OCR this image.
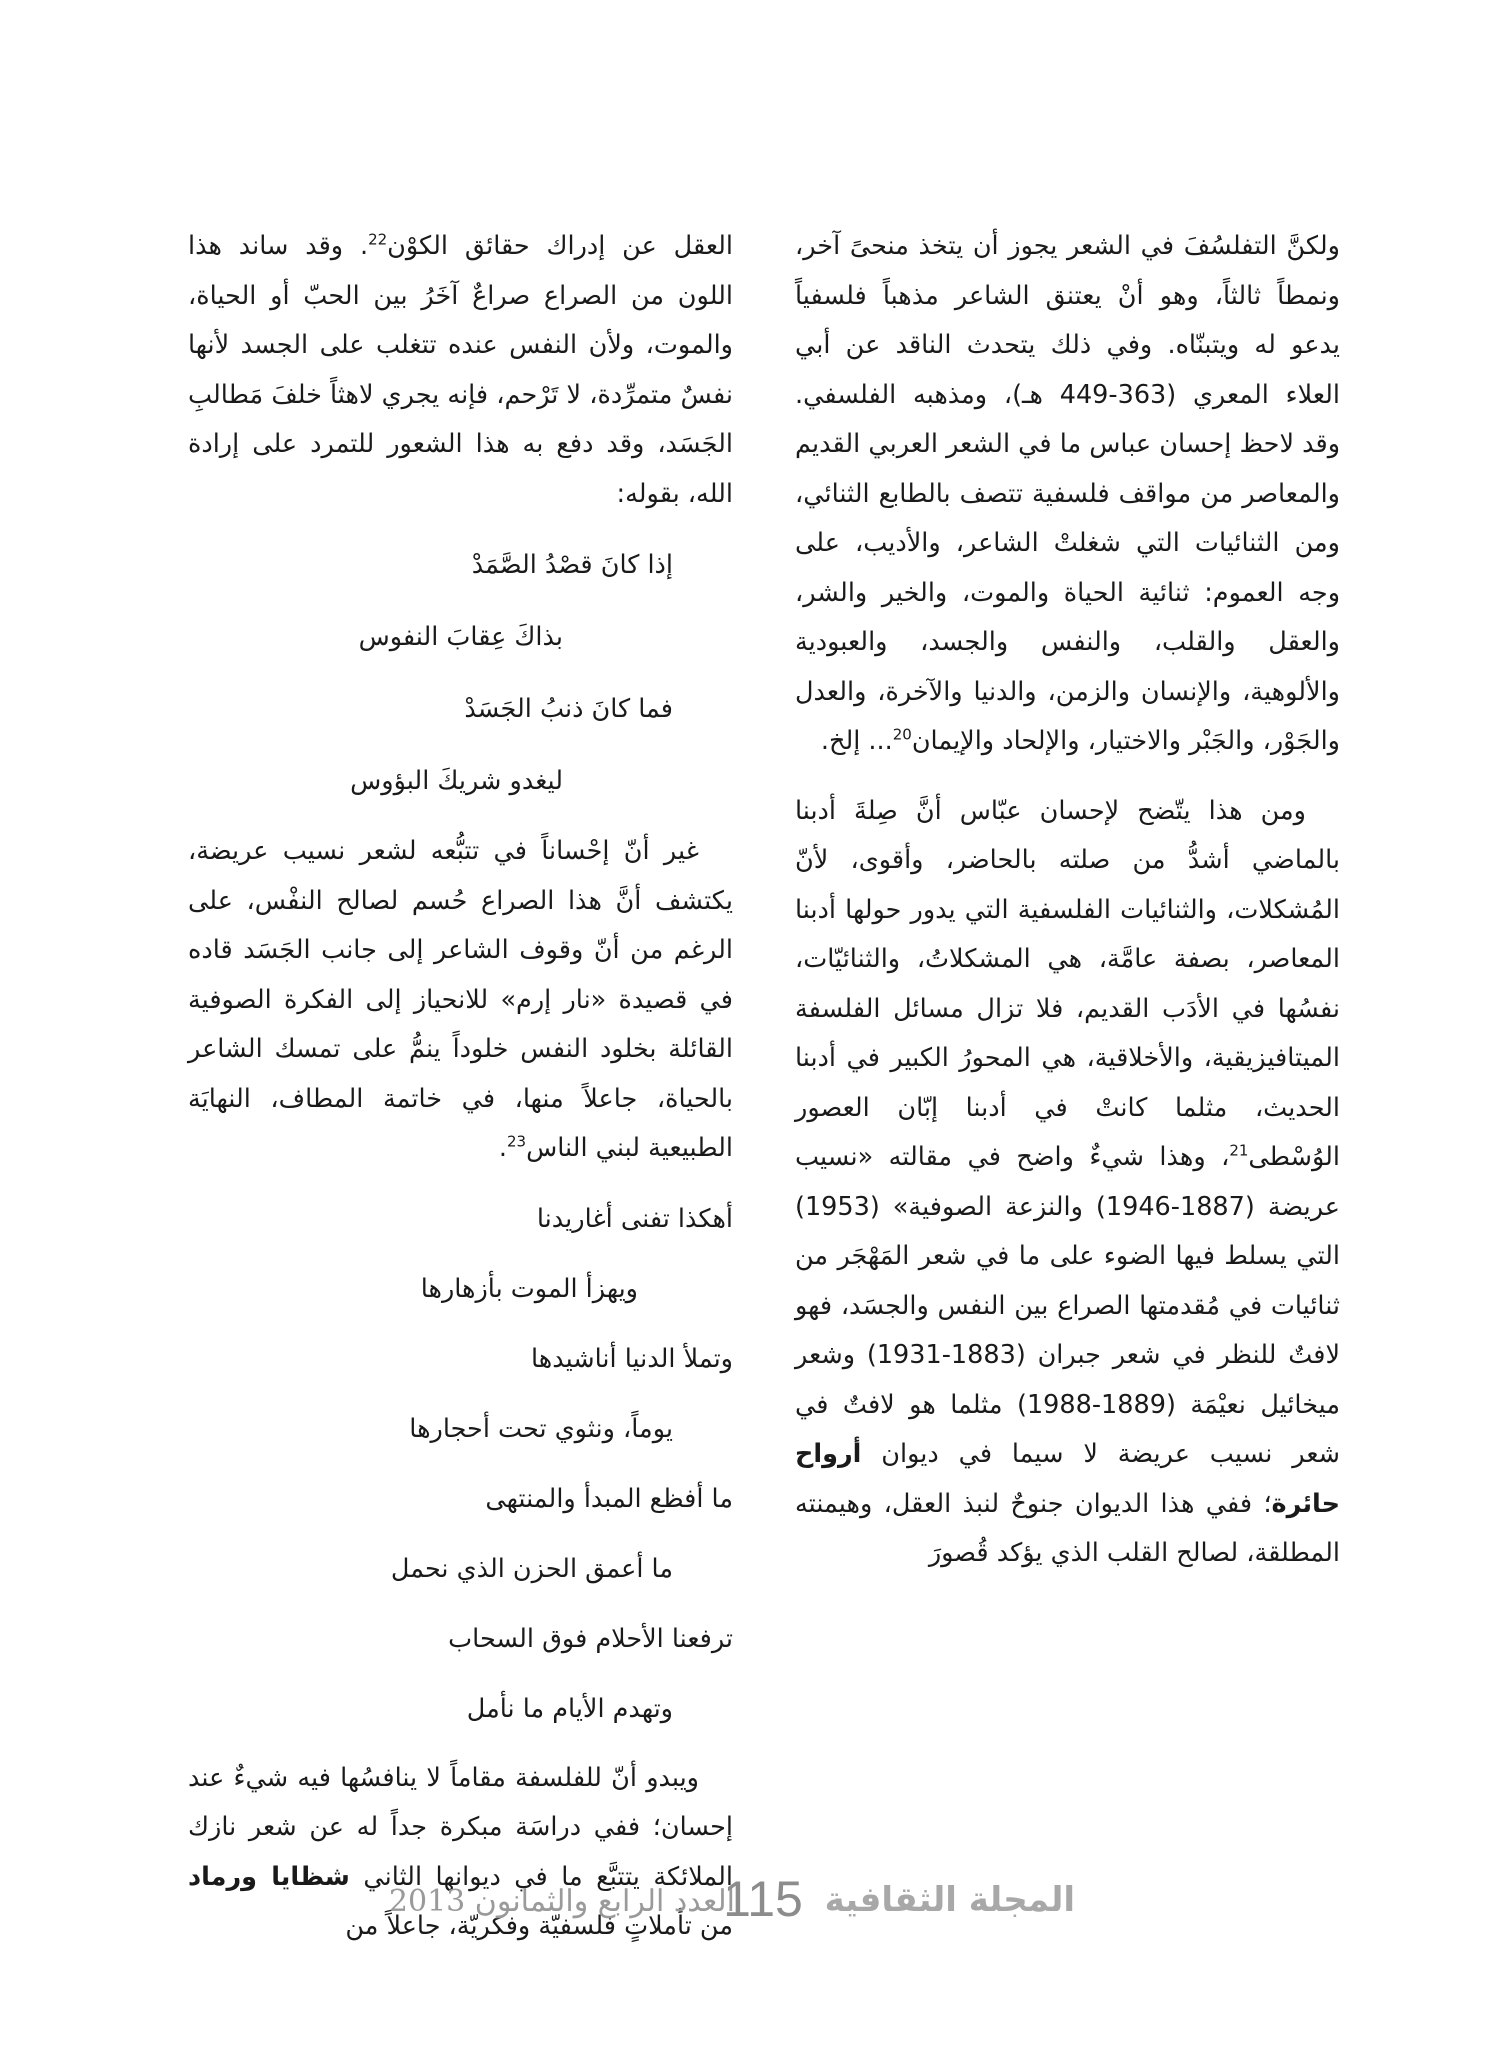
ولكنَّ التفلسُفَ في الشعر يجوز أن يتخذ منحىً آخر، ونمطاً ثالثاً، وهو أنْ يعتنق الشاعر مذهباً فلسفياً يدعو له ويتبنّاه. وفي ذلك يتحدث الناقد عن أبي العلاء المعري (363-449 هـ)، ومذهبه الفلسفي. وقد لاحظ إحسان عباس ما في الشعر العربي القديم والمعاصر من مواقف فلسفية تتصف بالطابع الثنائي، ومن الثنائيات التي شغلتْ الشاعر، والأديب، على وجه العموم: ثنائية الحياة والموت، والخير والشر، والعقل والقلب، والنفس والجسد، والعبودية والألوهية، والإنسان والزمن، والدنيا والآخرة، والعدل والجَوْر، والجَبْر والاختيار، والإلحاد والإيمان$^{20}$... إلخ.

ومن هذا يتّضح لإحسان عبّاس أنَّ صِلةَ أدبنا بالماضي أشدُّ من صلته بالحاضر، وأقوى، لأنّ المُشكلات، والثنائيات الفلسفية التي يدور حولها أدبنا المعاصر، بصفة عامَّة، هي المشكلاتُ، والثنائيّات، نفسُها في الأدَب القديم، فلا تزال مسائل الفلسفة الميتافيزيقية، والأخلاقية، هي المحورُ الكبير في أدبنا الحديث، مثلما كانتْ في أدبنا إبّان العصور الوُسْطى$^{21}$، وهذا شيءٌ واضح في مقالته «نسيب عريضة (1887-1946) والنزعة الصوفية» (1953) التي يسلط فيها الضوء على ما في شعر المَهْجَر من ثنائيات في مُقدمتها الصراع بين النفس والجسَد، فهو لافتٌ للنظر في شعر جبران (1883-1931) وشعر ميخائيل نعيْمَة (1889-1988) مثلما هو لافتٌ في شعر نسيب عريضة لا سيما في ديوان أرواح حائرة؛ ففي هذا الديوان جنوحٌ لنبذ العقل، وهيمنته المطلقة، لصالح القلب الذي يؤكد قُصورَ

العقل عن إدراك حقائق الكوْن$^{22}$. وقد ساند هذا اللون من الصراع صراعٌ آخَرُ بين الحبّ أو الحياة، والموت، ولأن النفس عنده تتغلب على الجسد لأنها نفسٌ متمرِّدة، لا تَرْحم، فإنه يجري لاهثاً خلفَ مَطالبِ الجَسَد، وقد دفع به هذا الشعور للتمرد على إرادة الله، بقوله:

إذا كانَ قصْدُ الصَّمَدْ

بذاكَ عِقابَ النفوس

فما كانَ ذنبُ الجَسَدْ

ليغدو شريكَ البؤوس

غير أنّ إحْساناً في تتبُّعه لشعر نسيب عريضة، يكتشف أنَّ هذا الصراع حُسم لصالح النفْس، على الرغم من أنّ وقوف الشاعر إلى جانب الجَسَد قاده في قصيدة «نار إرم» للانحياز إلى الفكرة الصوفية القائلة بخلود النفس خلوداً ينمُّ على تمسك الشاعر بالحياة، جاعلاً منها، في خاتمة المطاف، النهايَة الطبيعية لبني الناس$^{23}$.

أهكذا تفنى أغاريدنا

ويهزأ الموت بأزهارها

وتملأ الدنيا أناشيدها

يوماً، ونثوي تحت أحجارها

ما أفظع المبدأ والمنتهى

ما أعمق الحزن الذي نحمل

ترفعنا الأحلام فوق السحاب

وتهدم الأيام ما نأمل

ويبدو أنّ للفلسفة مقاماً لا ينافسُها فيه شيءٌ عند إحسان؛ ففي دراسَة مبكرة جداً له عن شعر نازك الملائكة يتتبَّع ما في ديوانها الثاني شظايا ورماد من تأملاتٍ فلسفيّة وفكريّة، جاعلاً من

العدد الرابع والثمانون 2013
115 المجلة الثقافية
